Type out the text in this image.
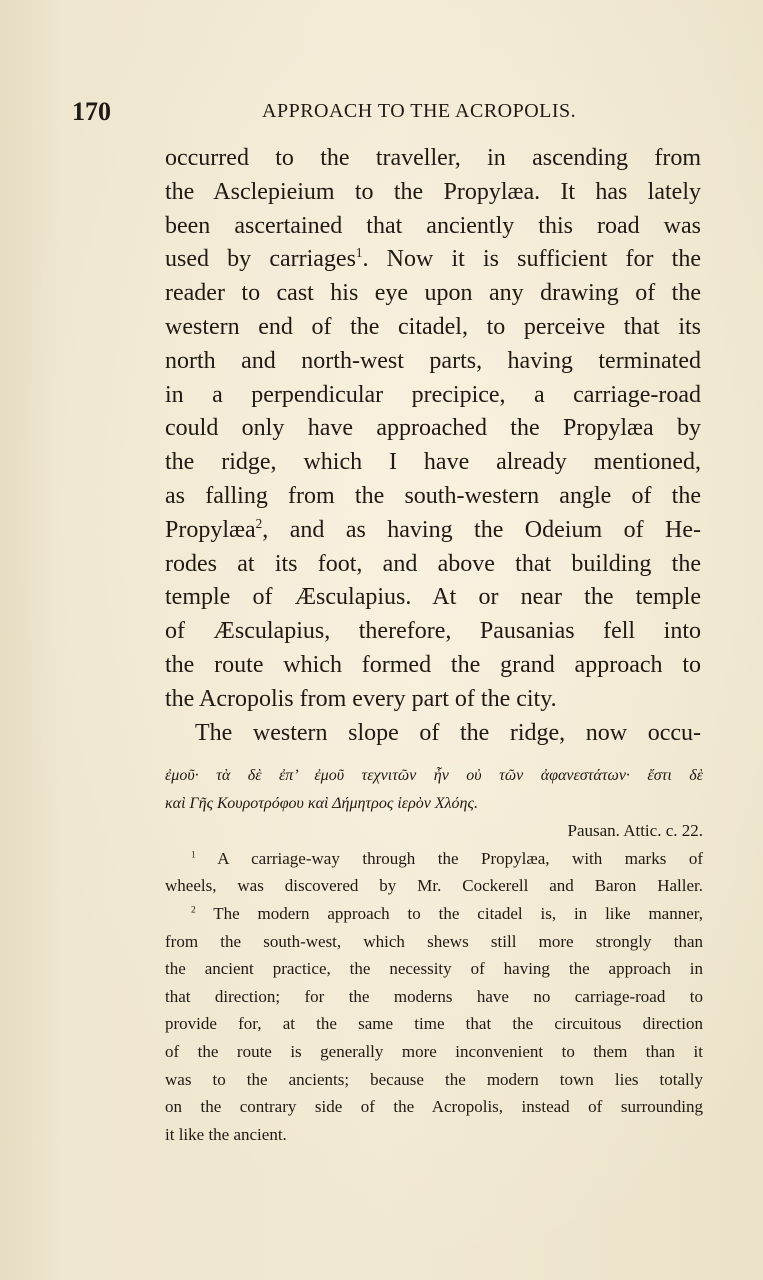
170	APPROACH TO THE ACROPOLIS.
occurred to the traveller, in ascending from
the Asclepieium to the Propylæa. It has lately
been ascertained that anciently this road was
used by carriages$^1$. Now it is sufficient for the
reader to cast his eye upon any drawing of the
western end of the citadel, to perceive that its
north and north-west parts, having terminated
in a perpendicular precipice, a carriage-road
could only have approached the Propylæa by
the ridge, which I have already mentioned,
as falling from the south-western angle of the
Propylæa$^2$, and as having the Odeium of He-
rodes at its foot, and above that building the
temple of Æsculapius. At or near the temple
of Æsculapius, therefore, Pausanias fell into
the route which formed the grand approach to
the Acropolis from every part of the city.
The western slope of the ridge, now occu-
ἐμοῦ· τὰ δὲ ἐπ’ ἐμοῦ τεχνιτῶν ἦν οὐ τῶν ἀφανεστάτων· ἔστι δὲ
καὶ Γῆς Κουροτρόφου καὶ Δήμητρος ἱερὸν Χλόης.
Pausan. Attic. c. 22.
$^1$ A carriage-way through the Propylæa, with marks of
wheels, was discovered by Mr. Cockerell and Baron Haller.
$^2$ The modern approach to the citadel is, in like manner,
from the south-west, which shews still more strongly than
the ancient practice, the necessity of having the approach in
that direction; for the moderns have no carriage-road to
provide for, at the same time that the circuitous direction
of the route is generally more inconvenient to them than it
was to the ancients; because the modern town lies totally
on the contrary side of the Acropolis, instead of surrounding
it like the ancient.
